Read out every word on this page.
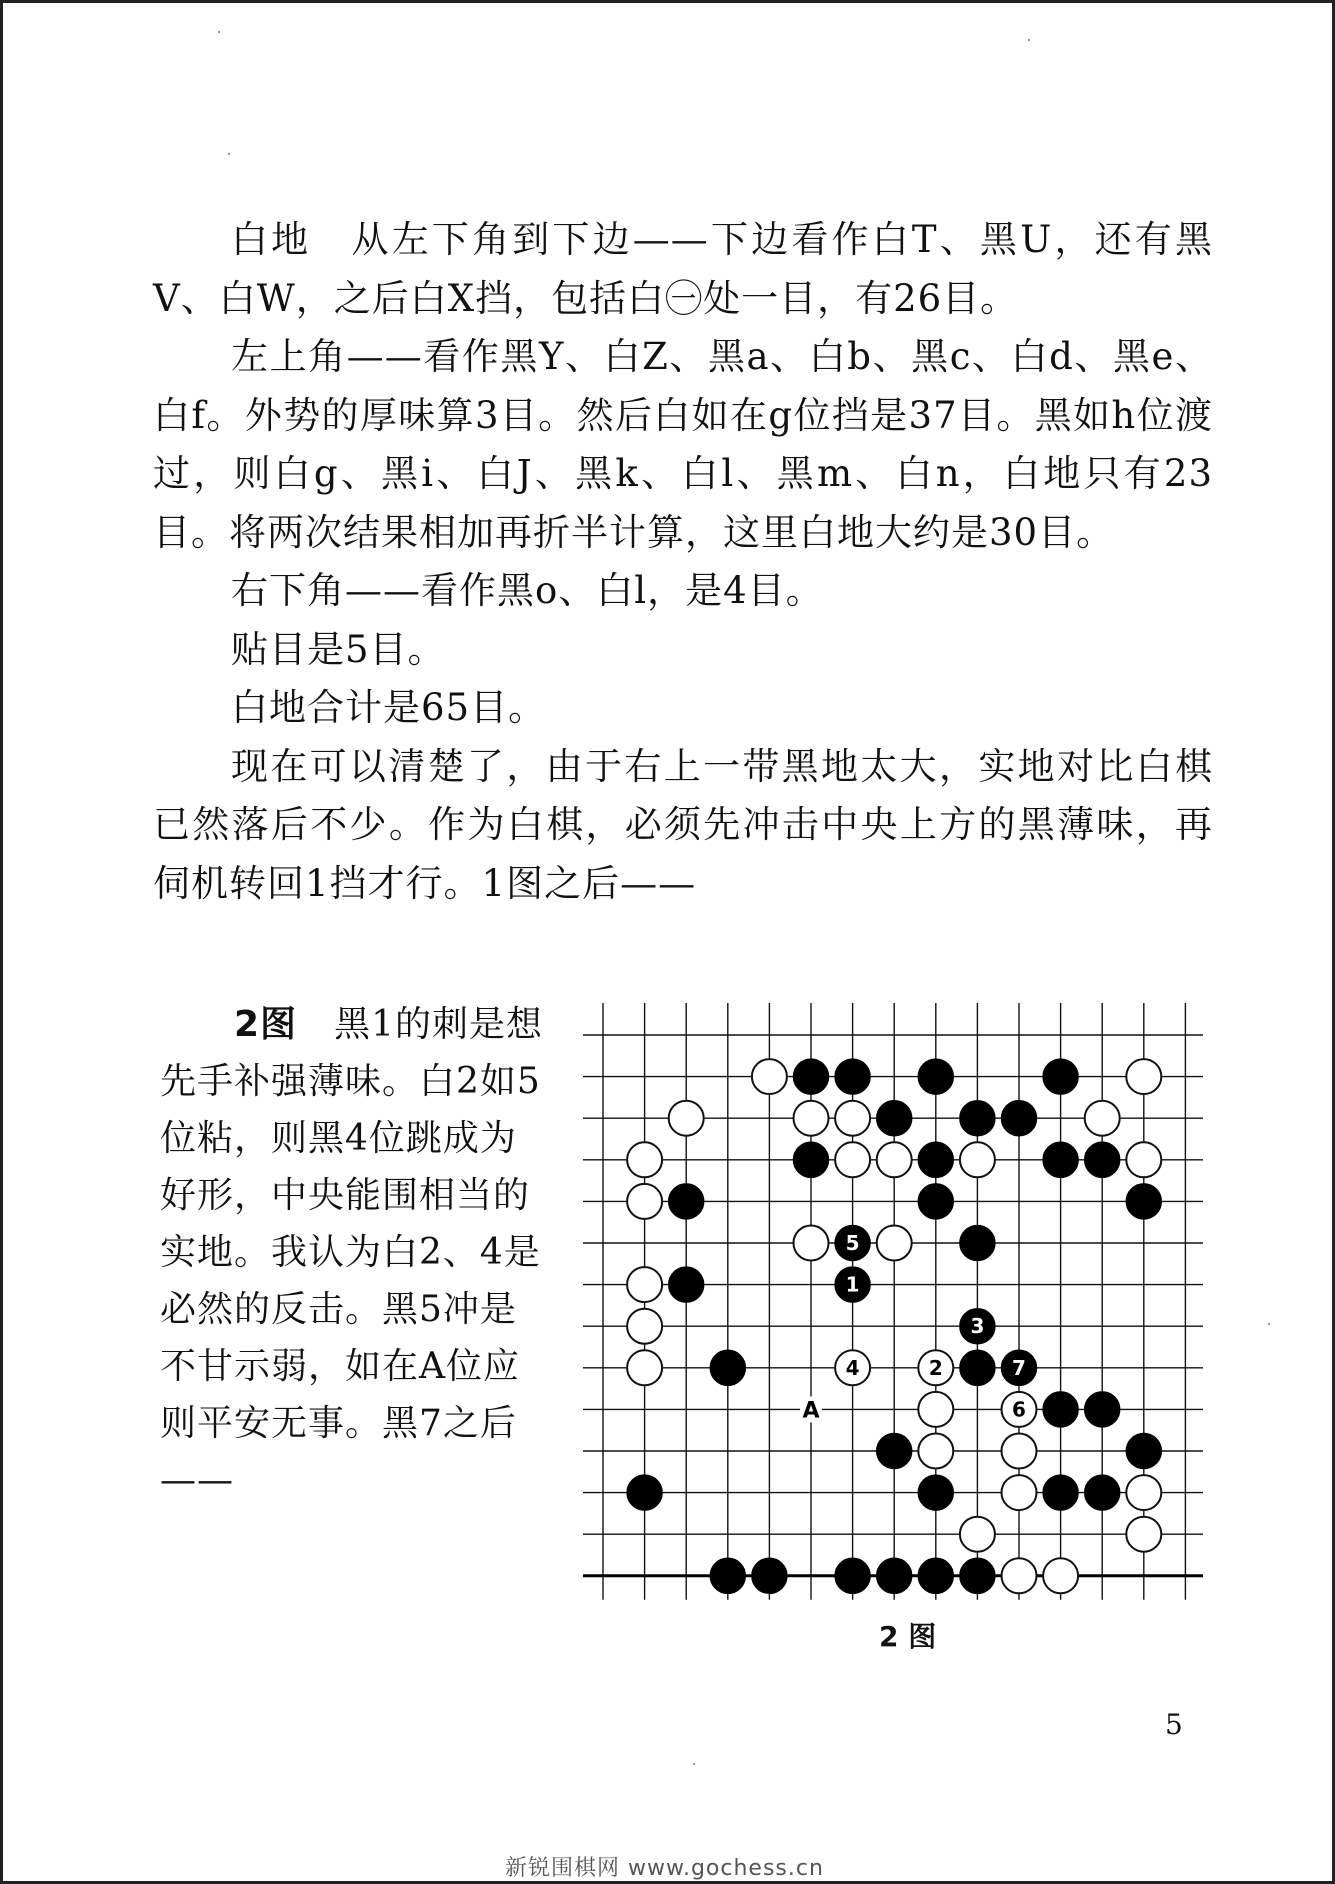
白地　从左下角到下边——下边看作白T、黑U，还有黑V、白W，之后白X挡，包括白㊀处一目，有26目。

左上角——看作黑Y、白Z、黑a、白b、黑c、白d、黑e、白f。外势的厚味算3目。然后白如在g位挡是37目。黑如h位渡过，则白g、黑i、白J、黑k、白l、黑m、白n，白地只有23目。将两次结果相加再折半计算，这里白地大约是30目。

右下角——看作黑o、白l，是4目。

贴目是5目。

白地合计是65目。

现在可以清楚了，由于右上一带黑地太大，实地对比白棋已然落后不少。作为白棋，必须先冲击中央上方的黑薄味，再伺机转回1挡才行。1图之后——

2图　 黑1的刺是想先手补强薄味。白2如5位粘，则黑4位跳成为好形，中央能围相当的实地。我认为白2、4是必然的反击。黑5冲是不甘示弱，如在A位应则平安无事。黑7之后——

1
3
5
7
2
4
6
A
2 图
5
新锐围棋网 www.gochess.cn
